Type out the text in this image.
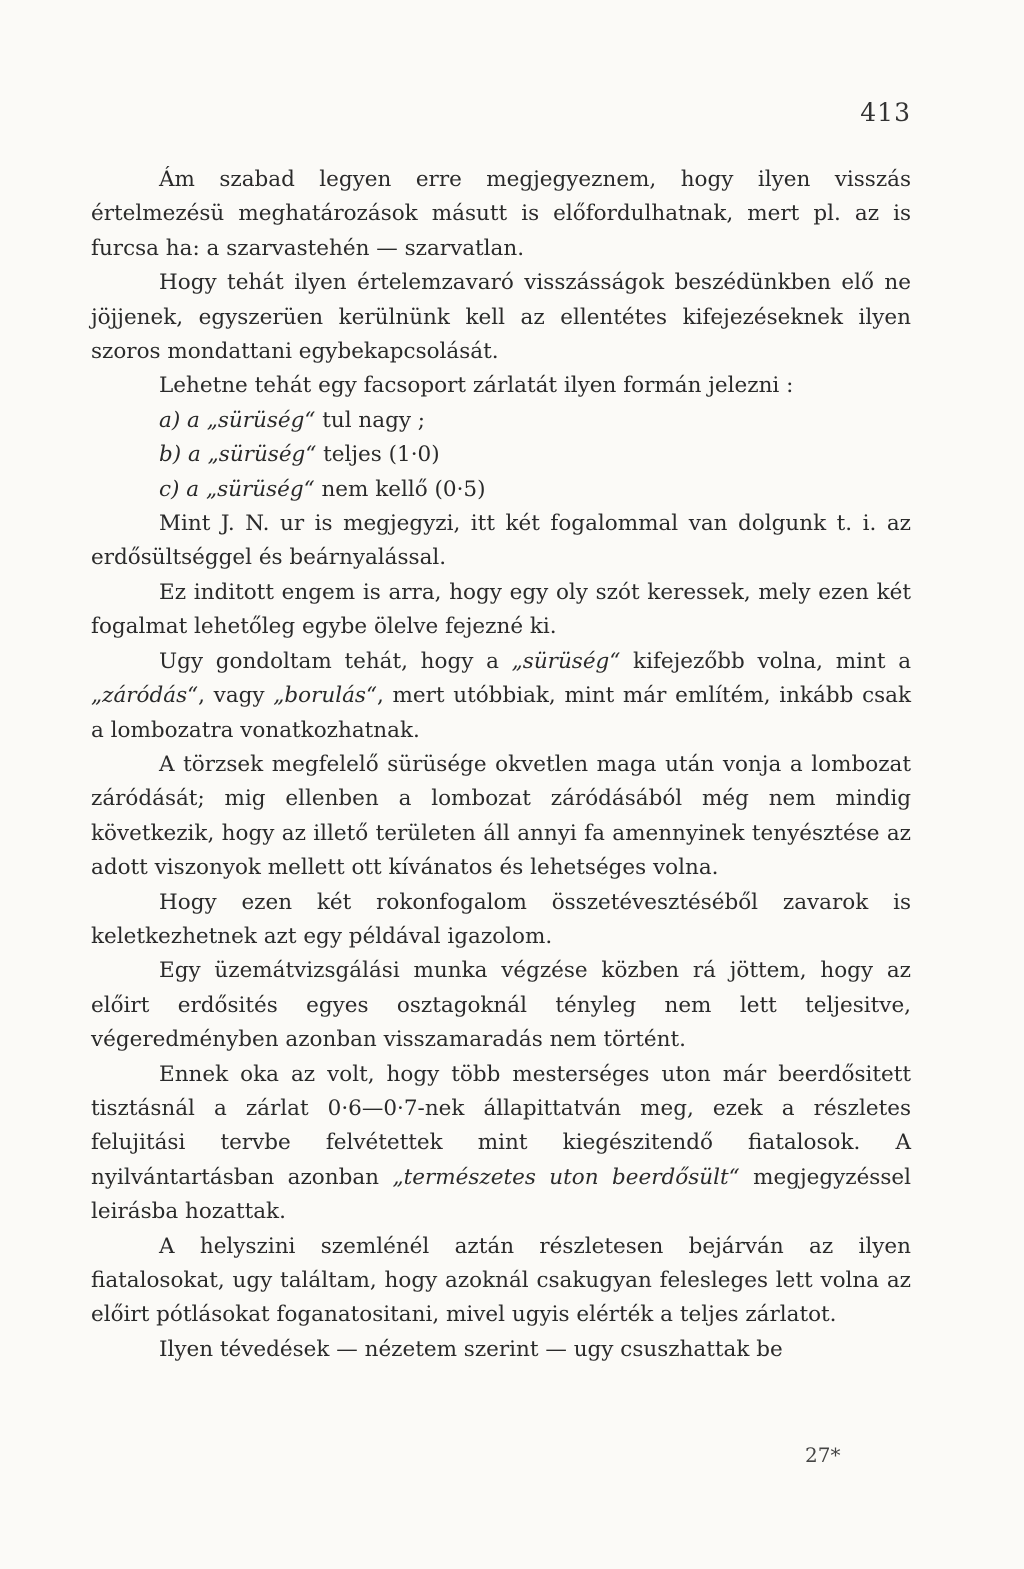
413

Ám szabad legyen erre megjegyeznem, hogy ilyen visszás értelmezésü meghatározások másutt is előfordulhatnak, mert pl. az is furcsa ha: a szarvastehén — szarvatlan.

Hogy tehát ilyen értelemzavaró visszásságok beszédünkben elő ne jöjjenek, egyszerüen kerülnünk kell az ellentétes kifejezéseknek ilyen szoros mondattani egybekapcsolását.

Lehetne tehát egy facsoport zárlatát ilyen formán jelezni :

a) a „sürüség“ tul nagy ;

b) a „sürüség“ teljes (1·0)

c) a „sürüség“ nem kellő (0·5)

Mint J. N. ur is megjegyzi, itt két fogalommal van dolgunk t. i. az erdősültséggel és beárnyalással.

Ez inditott engem is arra, hogy egy oly szót keressek, mely ezen két fogalmat lehetőleg egybe ölelve fejezné ki.

Ugy gondoltam tehát, hogy a „sürüség“ kifejezőbb volna, mint a „záródás“, vagy „borulás“, mert utóbbiak, mint már említém, inkább csak a lombozatra vonatkozhatnak.

A törzsek megfelelő sürüsége okvetlen maga után vonja a lombozat záródását; mig ellenben a lombozat záródásából még nem mindig következik, hogy az illető területen áll annyi fa amennyinek tenyésztése az adott viszonyok mellett ott kívánatos és lehetséges volna.

Hogy ezen két rokonfogalom összetévesztéséből zavarok is keletkezhetnek azt egy példával igazolom.

Egy üzemátvizsgálási munka végzése közben rá jöttem, hogy az előirt erdősités egyes osztagoknál tényleg nem lett teljesitve, végeredményben azonban visszamaradás nem történt.

Ennek oka az volt, hogy több mesterséges uton már beerdősitett tisztásnál a zárlat 0·6—0·7-nek állapittatván meg, ezek a részletes felujitási tervbe felvétettek mint kiegészitendő fiatalosok. A nyilvántartásban azonban „természetes uton beerdősült“ megjegyzéssel leirásba hozattak.

A helyszini szemlénél aztán részletesen bejárván az ilyen fiatalosokat, ugy találtam, hogy azoknál csakugyan felesleges lett volna az előirt pótlásokat foganatositani, mivel ugyis elérték a teljes zárlatot.

Ilyen tévedések — nézetem szerint — ugy csuszhattak be

27*
